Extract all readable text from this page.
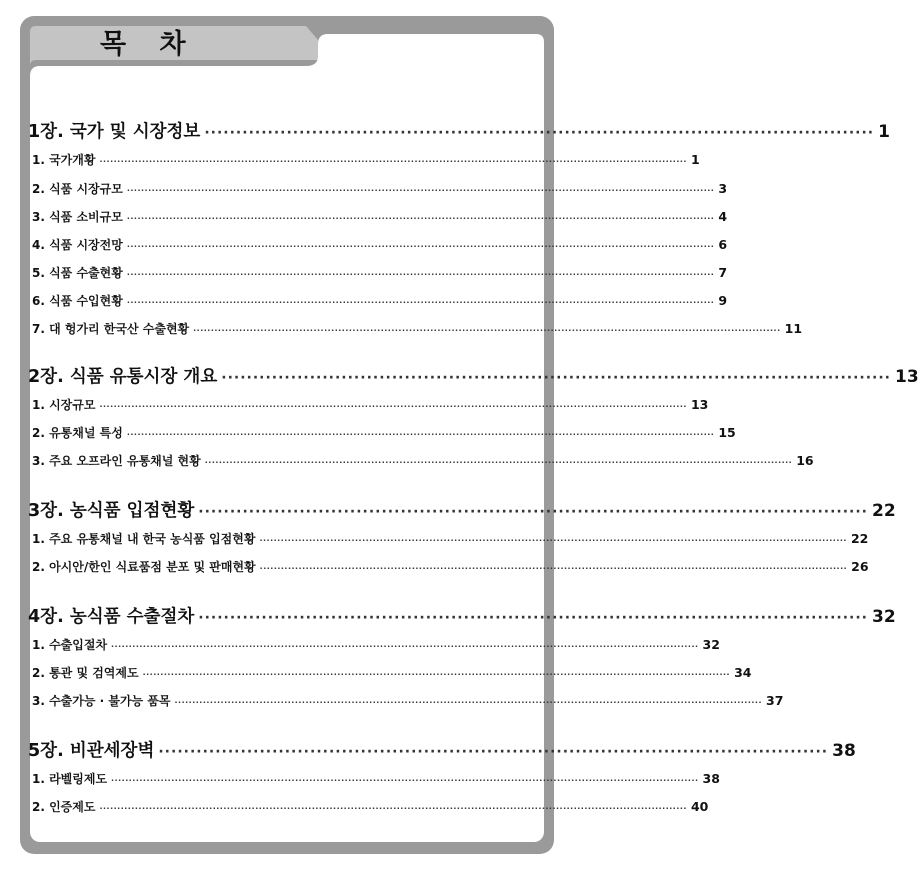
목 차
1장. 국가 및 시장정보 ·········································································································· 1
1. 국가개황 ······································································································································································ 1
2. 식품 시장규모 ······································································································································································ 3
3. 식품 소비규모 ······································································································································································ 4
4. 식품 시장전망 ······································································································································································ 6
5. 식품 수출현황 ······································································································································································ 7
6. 식품 수입현황 ······································································································································································ 9
7. 대 헝가리 한국산 수출현황 ······································································································································································ 11
2장. 식품 유통시장 개요 ·········································································································· 13
1. 시장규모 ······································································································································································ 13
2. 유통채널 특성 ······································································································································································ 15
3. 주요 오프라인 유통채널 현황 ······································································································································································ 16
3장. 농식품 입점현황 ·········································································································· 22
1. 주요 유통채널 내 한국 농식품 입점현황 ······································································································································································ 22
2. 아시안/한인 식료품점 분포 및 판매현황 ······································································································································································ 26
4장. 농식품 수출절차 ·········································································································· 32
1. 수출입절차 ······································································································································································ 32
2. 통관 및 검역제도 ······································································································································································ 34
3. 수출가능 · 불가능 품목 ······································································································································································ 37
5장. 비관세장벽 ·········································································································· 38
1. 라벨링제도 ······································································································································································ 38
2. 인증제도 ······································································································································································ 40
